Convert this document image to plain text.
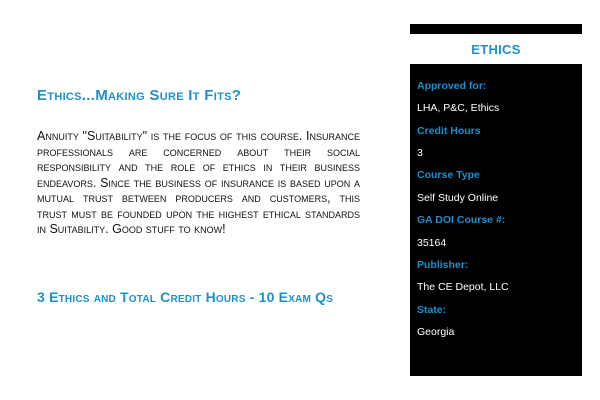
Ethics...Making Sure It Fits?

Annuity "Suitability" is the focus of this course. Insurance professionals are concerned about their social responsibility and the role of ethics in their business endeavors. Since the business of insurance is based upon a mutual trust between producers and customers, this trust must be founded upon the highest ethical standards in Suitability. Good stuff to know!

3 Ethics and Total Credit Hours - 10 Exam Qs
ETHICS
Approved for:
LHA, P&C, Ethics
Credit Hours
3
Course Type
Self Study Online
GA DOI Course #:
35164
Publisher:
The CE Depot, LLC
State:
Georgia
